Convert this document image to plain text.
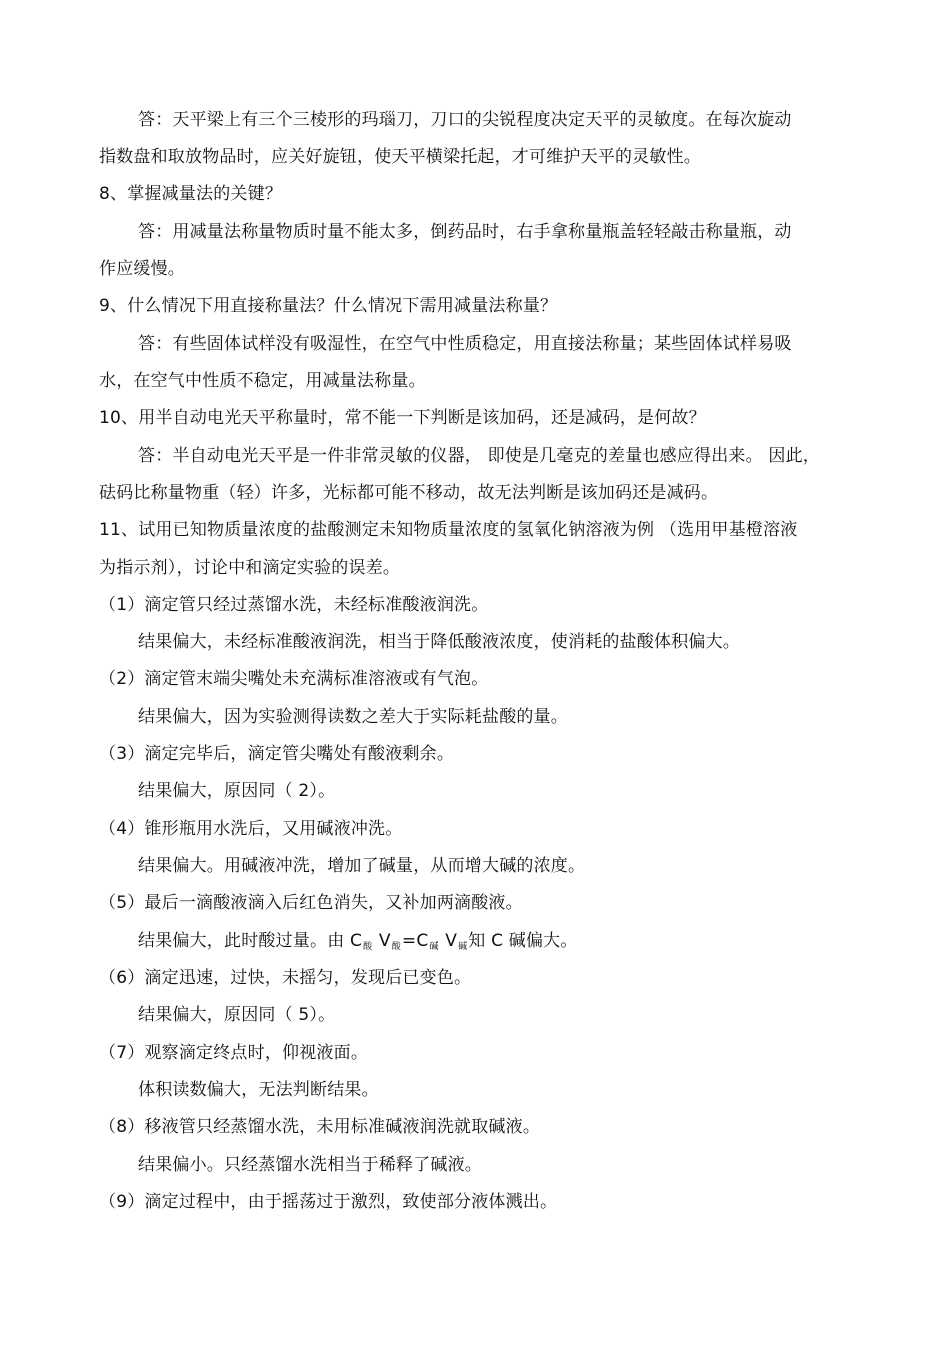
答：天平梁上有三个三棱形的玛瑙刀，刀口的尖锐程度决定天平的灵敏度。在每次旋动
指数盘和取放物品时，应关好旋钮，使天平横梁托起，才可维护天平的灵敏性。
8、掌握减量法的关键？
答：用减量法称量物质时量不能太多，倒药品时，右手拿称量瓶盖轻轻敲击称量瓶，动
作应缓慢。
9、什么情况下用直接称量法？什么情况下需用减量法称量？
答：有些固体试样没有吸湿性，在空气中性质稳定，用直接法称量；某些固体试样易吸
水，在空气中性质不稳定，用减量法称量。
10、用半自动电光天平称量时，常不能一下判断是该加码，还是减码，是何故？
答：半自动电光天平是一件非常灵敏的仪器， 即使是几毫克的差量也感应得出来。 因此，
砝码比称量物重（轻）许多，光标都可能不移动，故无法判断是该加码还是减码。
11、试用已知物质量浓度的盐酸测定未知物质量浓度的氢氧化钠溶液为例 （选用甲基橙溶液
为指示剂），讨论中和滴定实验的误差。
（1）滴定管只经过蒸馏水洗，未经标准酸液润洗。
结果偏大，未经标准酸液润洗，相当于降低酸液浓度，使消耗的盐酸体积偏大。
（2）滴定管末端尖嘴处未充满标准溶液或有气泡。
结果偏大，因为实验测得读数之差大于实际耗盐酸的量。
（3）滴定完毕后，滴定管尖嘴处有酸液剩余。
结果偏大，原因同（ 2）。
（4）锥形瓶用水洗后，又用碱液冲洗。
结果偏大。用碱液冲洗，增加了碱量，从而增大碱的浓度。
（5）最后一滴酸液滴入后红色消失，又补加两滴酸液。
结果偏大，此时酸过量。由 $C_酸$ $V_酸=C_碱$ $V_碱$知 C 碱偏大。
（6）滴定迅速，过快，未摇匀，发现后已变色。
结果偏大，原因同（ 5）。
（7）观察滴定终点时，仰视液面。
体积读数偏大，无法判断结果。
（8）移液管只经蒸馏水洗，未用标准碱液润洗就取碱液。
结果偏小。只经蒸馏水洗相当于稀释了碱液。
（9）滴定过程中，由于摇荡过于激烈，致使部分液体溅出。
